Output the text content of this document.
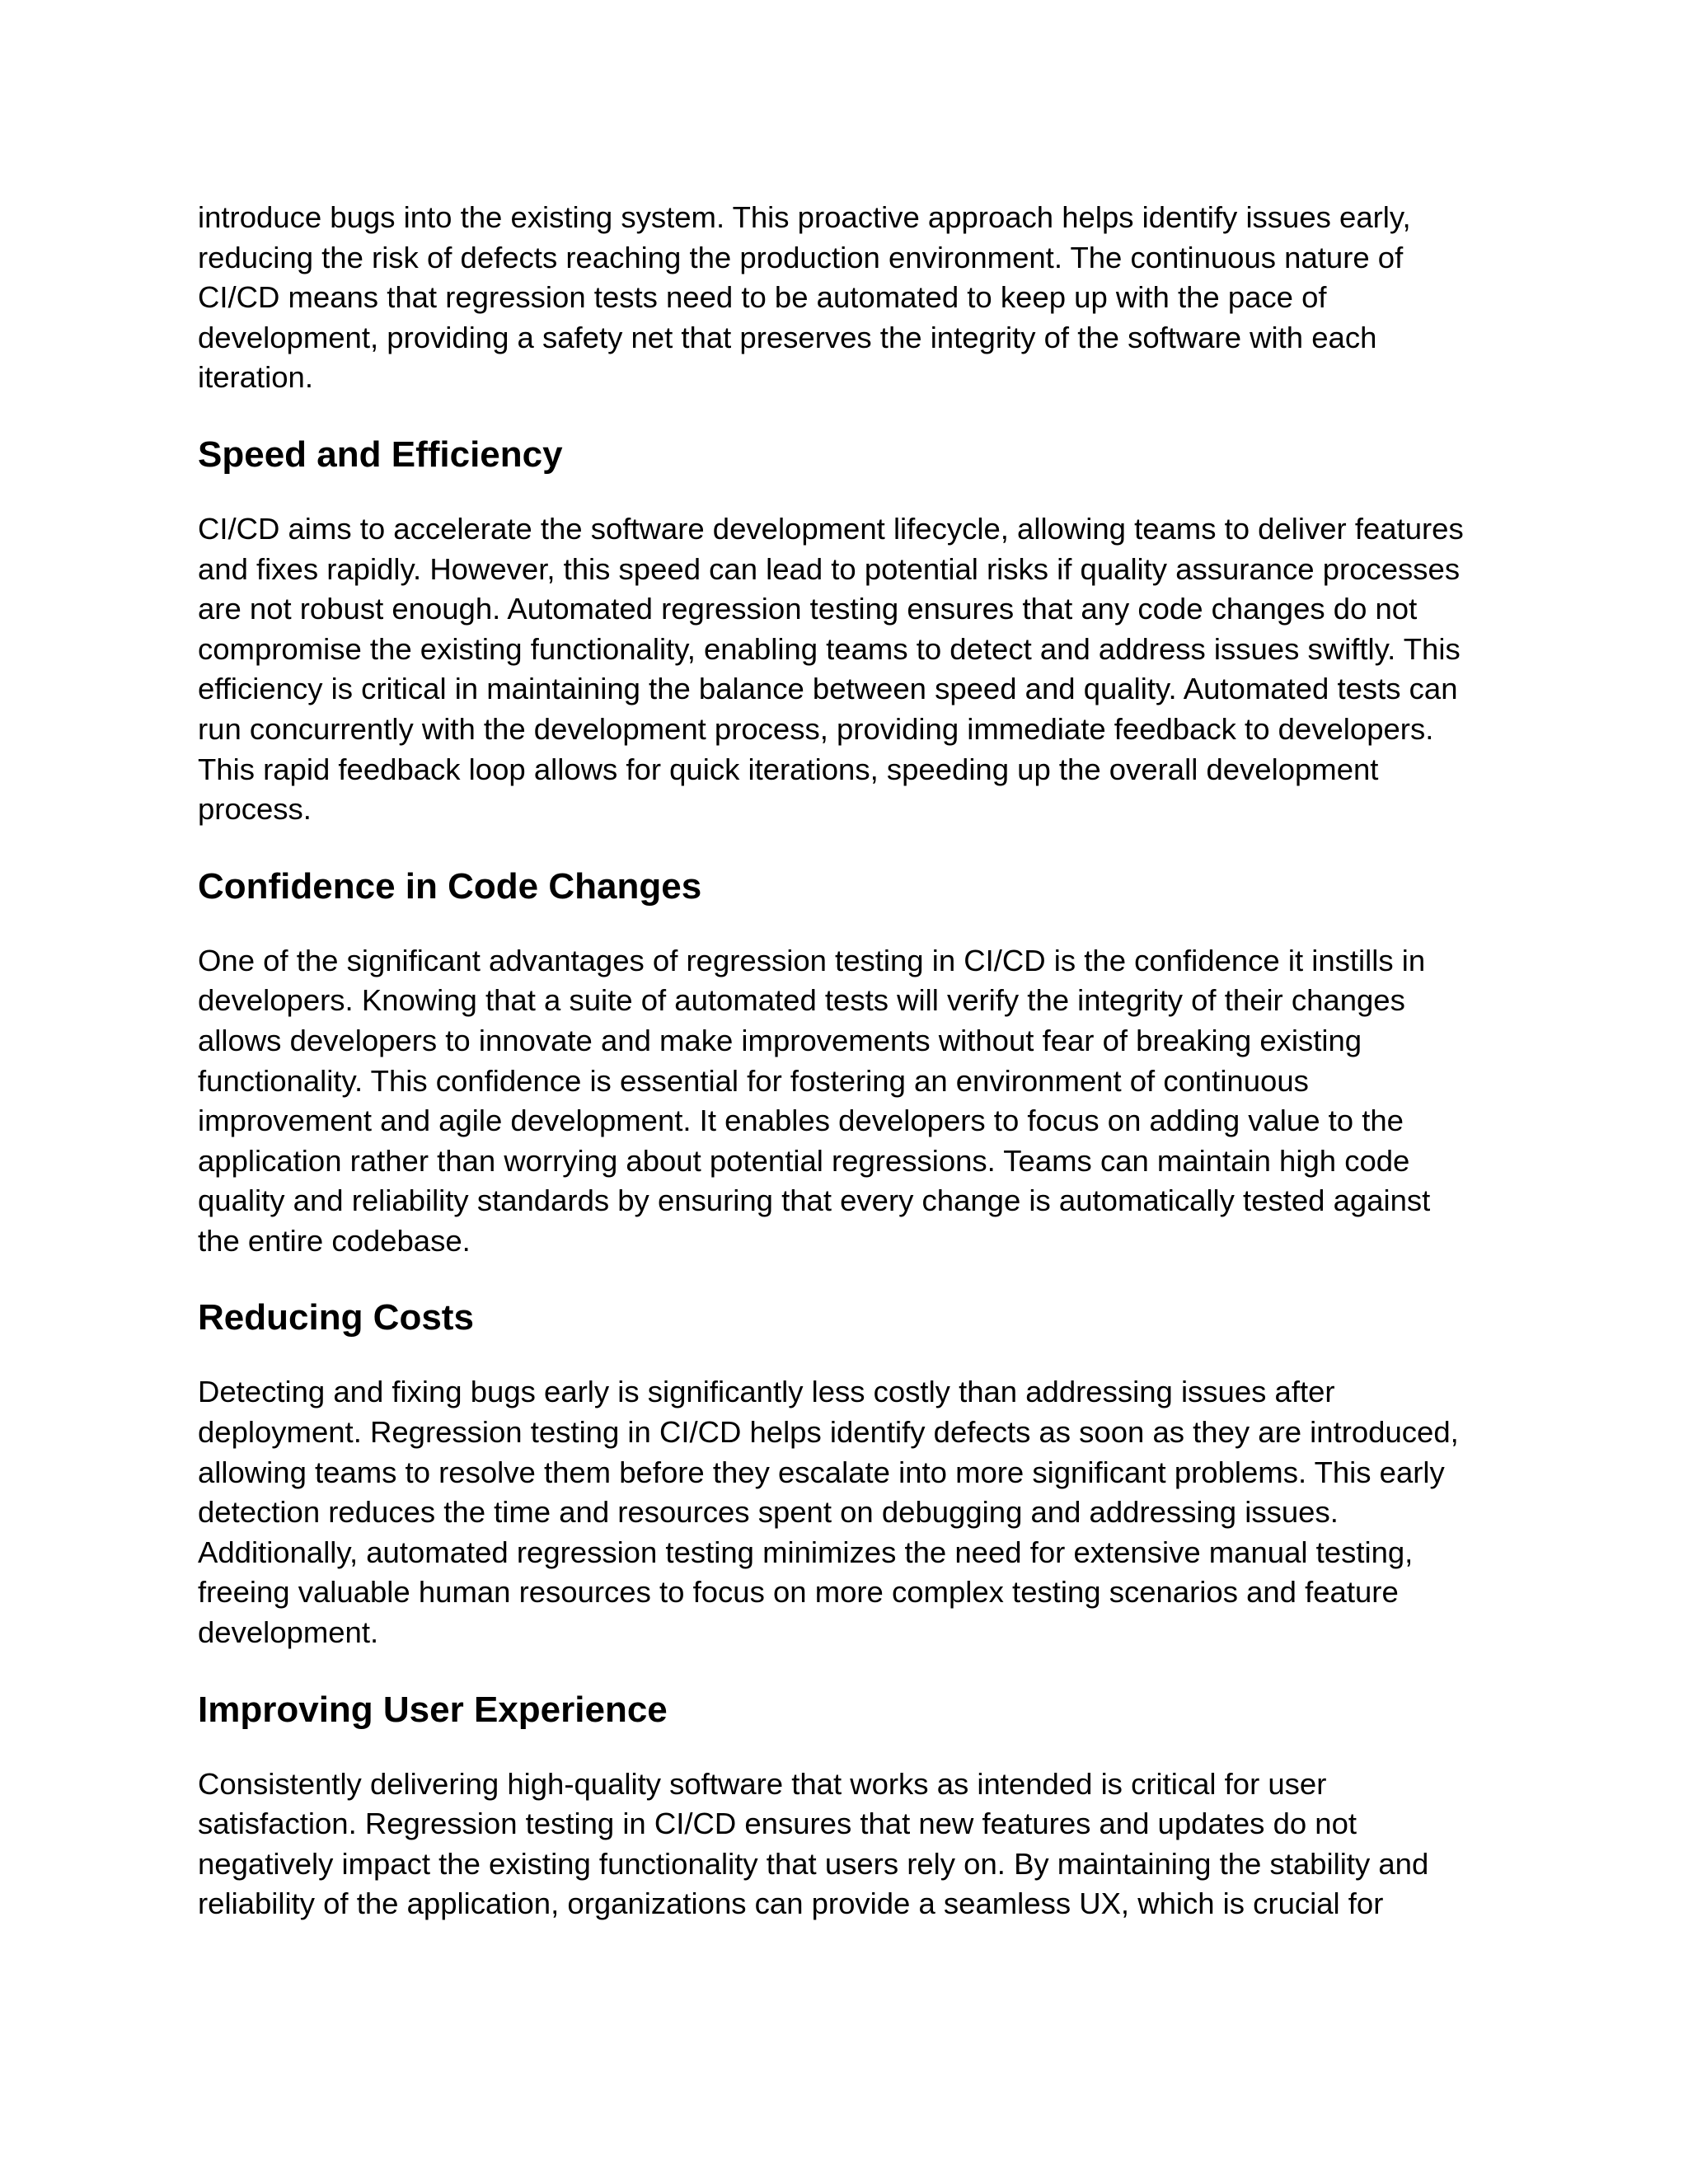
introduce bugs into the existing system. This proactive approach helps identify issues early,
reducing the risk of defects reaching the production environment. The continuous nature of
CI/CD means that regression tests need to be automated to keep up with the pace of
development, providing a safety net that preserves the integrity of the software with each
iteration.

Speed and Efficiency

CI/CD aims to accelerate the software development lifecycle, allowing teams to deliver features
and fixes rapidly. However, this speed can lead to potential risks if quality assurance processes
are not robust enough. Automated regression testing ensures that any code changes do not
compromise the existing functionality, enabling teams to detect and address issues swiftly. This
efficiency is critical in maintaining the balance between speed and quality. Automated tests can
run concurrently with the development process, providing immediate feedback to developers.
This rapid feedback loop allows for quick iterations, speeding up the overall development
process.

Confidence in Code Changes

One of the significant advantages of regression testing in CI/CD is the confidence it instills in
developers. Knowing that a suite of automated tests will verify the integrity of their changes
allows developers to innovate and make improvements without fear of breaking existing
functionality. This confidence is essential for fostering an environment of continuous
improvement and agile development. It enables developers to focus on adding value to the
application rather than worrying about potential regressions. Teams can maintain high code
quality and reliability standards by ensuring that every change is automatically tested against
the entire codebase.

Reducing Costs

Detecting and fixing bugs early is significantly less costly than addressing issues after
deployment. Regression testing in CI/CD helps identify defects as soon as they are introduced,
allowing teams to resolve them before they escalate into more significant problems. This early
detection reduces the time and resources spent on debugging and addressing issues.
Additionally, automated regression testing minimizes the need for extensive manual testing,
freeing valuable human resources to focus on more complex testing scenarios and feature
development.

Improving User Experience

Consistently delivering high-quality software that works as intended is critical for user
satisfaction. Regression testing in CI/CD ensures that new features and updates do not
negatively impact the existing functionality that users rely on. By maintaining the stability and
reliability of the application, organizations can provide a seamless UX, which is crucial for
